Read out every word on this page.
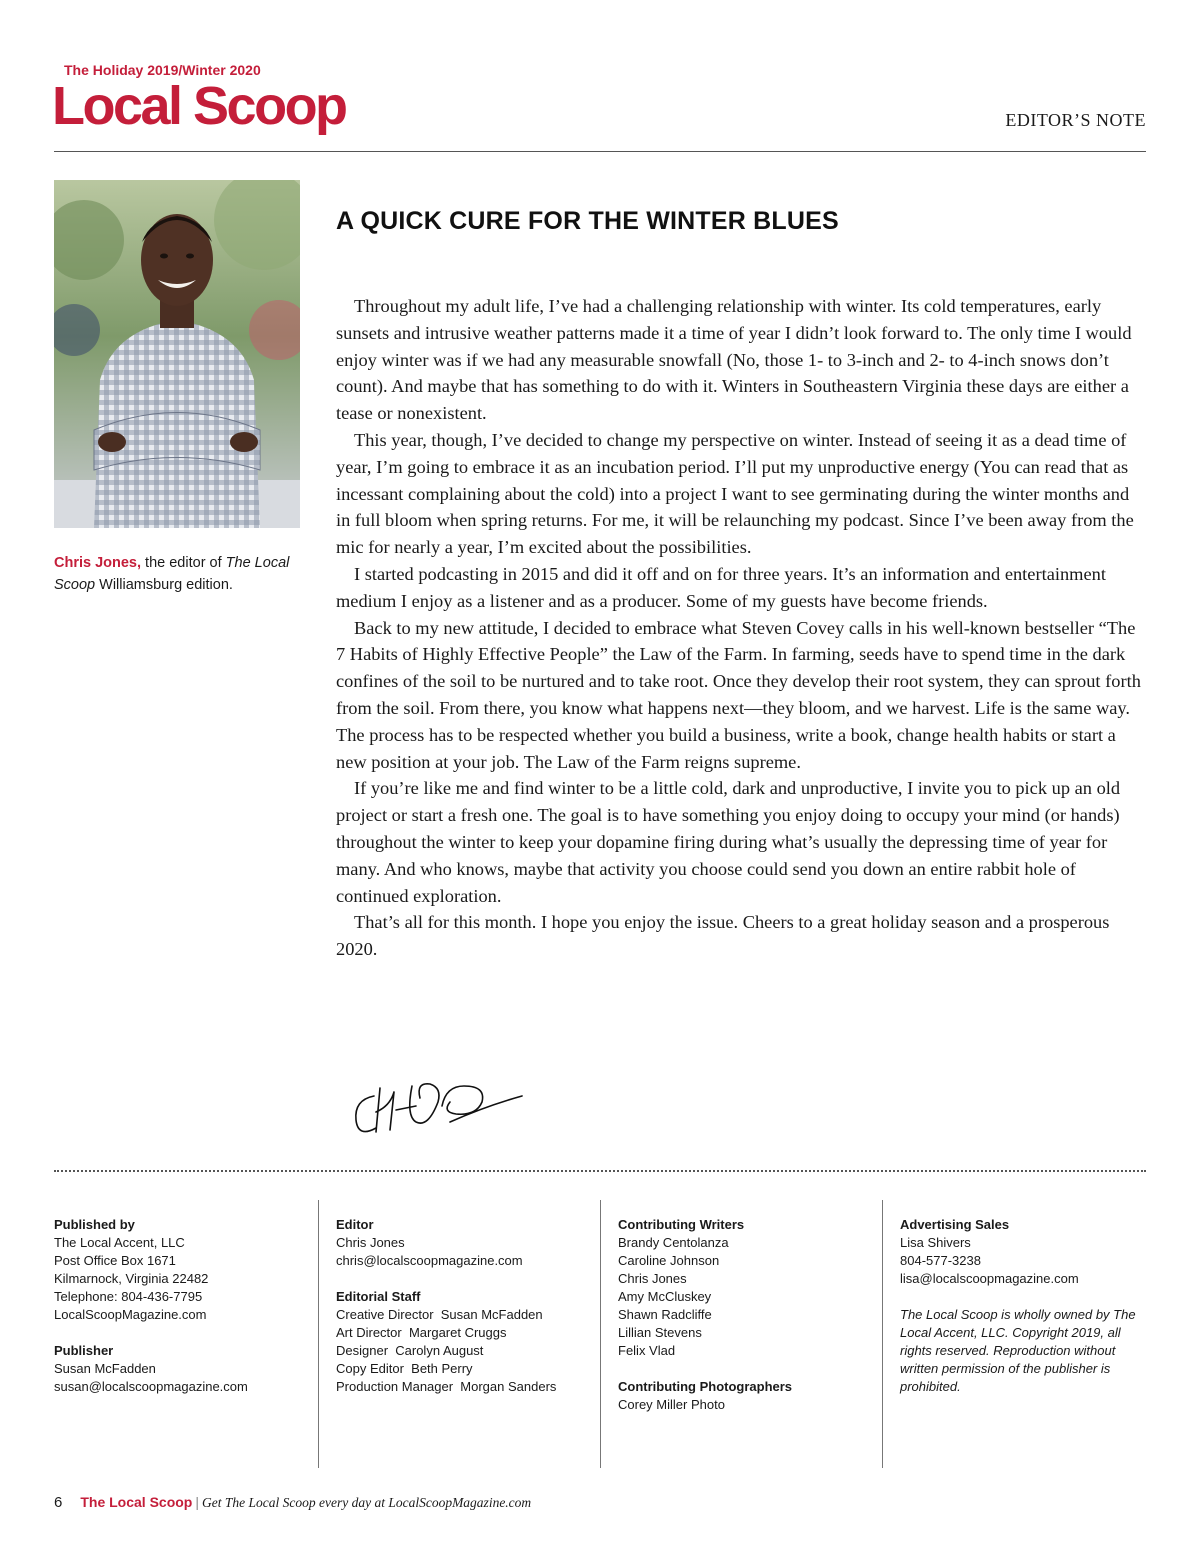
The Holiday 2019/Winter 2020
Local Scoop	EDITOR’S NOTE
Chris Jones, the editor of The Local Scoop Williamsburg edition.
A QUICK CURE FOR THE WINTER BLUES

Throughout my adult life, I’ve had a challenging relationship with winter. Its cold temperatures, early sunsets and intrusive weather patterns made it a time of year I didn’t look forward to. The only time I would enjoy winter was if we had any measurable snowfall (No, those 1- to 3-inch and 2- to 4-inch snows don’t count). And maybe that has something to do with it. Winters in Southeastern Virginia these days are either a tease or nonexistent.

This year, though, I’ve decided to change my perspective on winter. Instead of seeing it as a dead time of year, I’m going to embrace it as an incubation period. I’ll put my unproductive energy (You can read that as incessant complaining about the cold) into a project I want to see germinating during the winter months and in full bloom when spring returns. For me, it will be relaunching my podcast. Since I’ve been away from the mic for nearly a year, I’m excited about the possibilities.

I started podcasting in 2015 and did it off and on for three years. It’s an information and entertainment medium I enjoy as a listener and as a producer. Some of my guests have become friends.

Back to my new attitude, I decided to embrace what Steven Covey calls in his well-known bestseller “The 7 Habits of Highly Effective People” the Law of the Farm. In farming, seeds have to spend time in the dark confines of the soil to be nurtured and to take root. Once they develop their root system, they can sprout forth from the soil. From there, you know what happens next—they bloom, and we harvest. Life is the same way. The process has to be respected whether you build a business, write a book, change health habits or start a new position at your job. The Law of the Farm reigns supreme.

If you’re like me and find winter to be a little cold, dark and unproductive, I invite you to pick up an old project or start a fresh one. The goal is to have something you enjoy doing to occupy your mind (or hands) throughout the winter to keep your dopamine firing during what’s usually the depressing time of year for many. And who knows, maybe that activity you choose could send you down an entire rabbit hole of continued exploration.

That’s all for this month. I hope you enjoy the issue. Cheers to a great holiday season and a prosperous 2020.

Published by
The Local Accent, LLC
Post Office Box 1671
Kilmarnock, Virginia 22482
Telephone: 804-436-7795
LocalScoopMagazine.com
Publisher
Susan McFadden
susan@localscoopmagazine.com
Editor
Chris Jones
chris@localscoopmagazine.com
Editorial Staff
Creative Director  Susan McFadden
Art Director  Margaret Cruggs
Designer  Carolyn August
Copy Editor  Beth Perry
Production Manager  Morgan Sanders
Contributing Writers
Brandy Centolanza
Caroline Johnson
Chris Jones
Amy McCluskey
Shawn Radcliffe
Lillian Stevens
Felix Vlad
Contributing Photographers
Corey Miller Photo
Advertising Sales
Lisa Shivers
804-577-3238
lisa@localscoopmagazine.com
The Local Scoop is wholly owned by The Local Accent, LLC. Copyright 2019, all rights reserved. Reproduction without written permission of the publisher is prohibited.
6 The Local Scoop | Get The Local Scoop every day at LocalScoopMagazine.com
